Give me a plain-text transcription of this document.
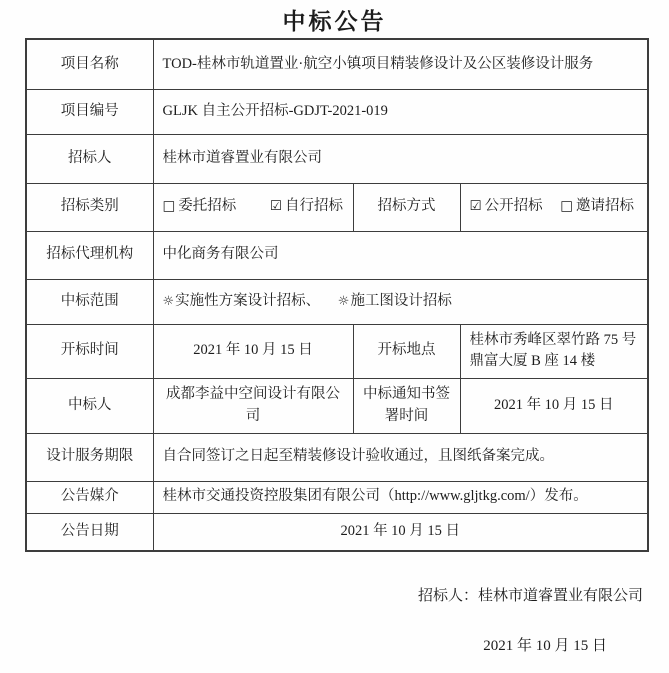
中标公告
项目名称	TOD-桂林市轨道置业·航空小镇项目精装修设计及公区装修设计服务		
项目编号	GLJK 自主公开招标-GDJT-2021-019		
招标人	桂林市道睿置业有限公司		
招标类别	□ 委托招标 ☑ 自行招标	招标方式	☑ 公开招标 □ 邀请招标
招标代理机构	中化商务有限公司		
中标范围	☼实施性方案设计招标、 ☼施工图设计招标		
开标时间	2021 年 10 月 15 日	开标地点	桂林市秀峰区翠竹路 75 号鼎富大厦 B 座 14 楼
中标人	成都李益中空间设计有限公司	中标通知书签署时间	2021 年 10 月 15 日
设计服务期限	自合同签订之日起至精装修设计验收通过，且图纸备案完成。		
公告媒介	桂林市交通投资控股集团有限公司（http://www.gljtkg.com/）发布。		
公告日期	2021 年 10 月 15 日		
招标人：桂林市道睿置业有限公司
2021 年 10 月 15 日
